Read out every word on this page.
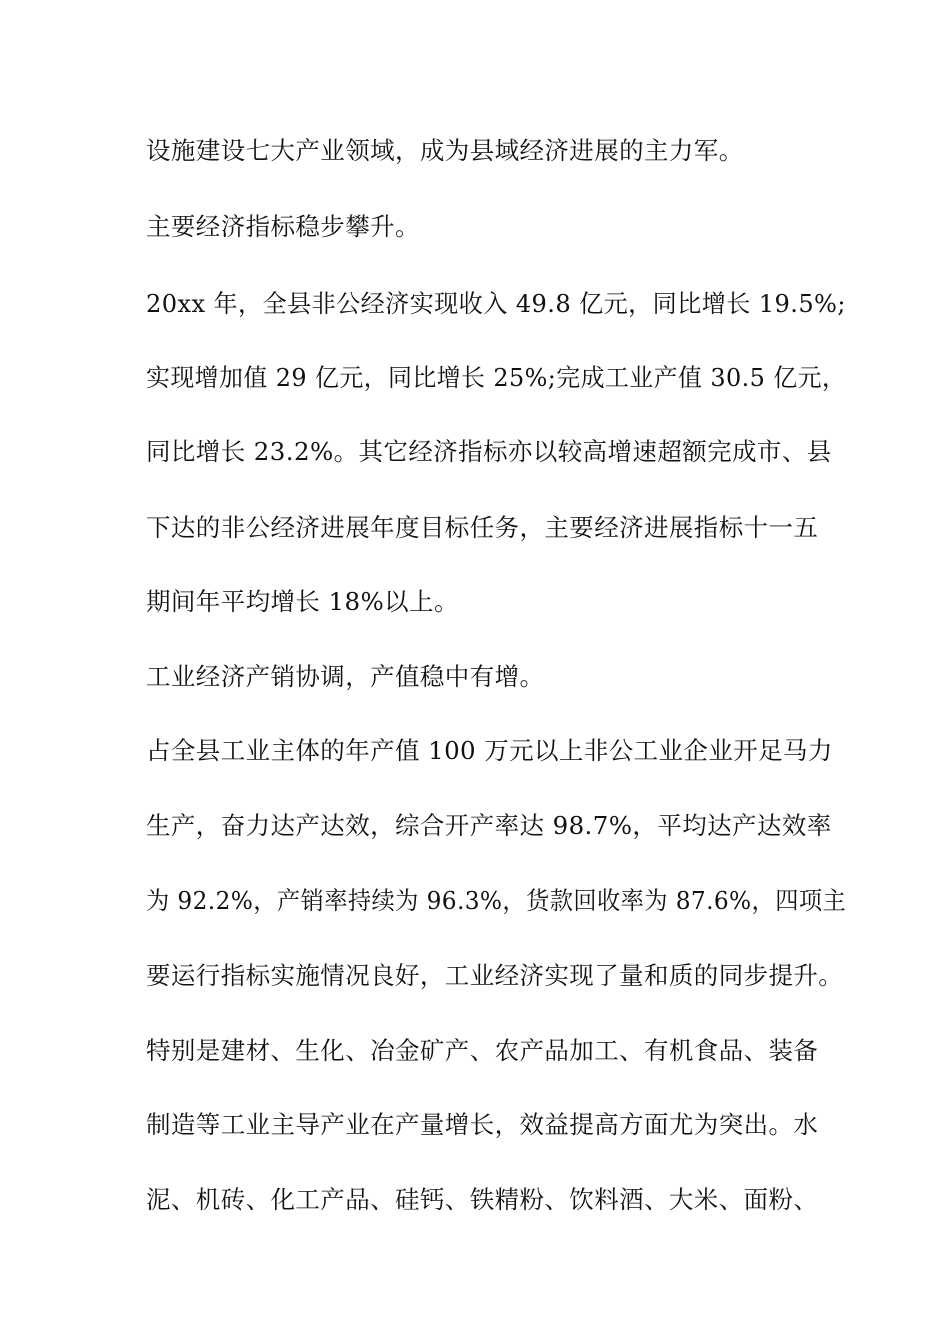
设施建设七大产业领域，成为县域经济进展的主力军。
主要经济指标稳步攀升。
20xx 年，全县非公经济实现收入 49.8 亿元，同比增长 19.5%;
实现增加值 29 亿元，同比增长 25%;完成工业产值 30.5 亿元，
同比增长 23.2%。其它经济指标亦以较高增速超额完成市、县
下达的非公经济进展年度目标任务，主要经济进展指标十一五
期间年平均增长 18%以上。
工业经济产销协调，产值稳中有增。
占全县工业主体的年产值 100 万元以上非公工业企业开足马力
生产，奋力达产达效，综合开产率达 98.7%，平均达产达效率
为 92.2%，产销率持续为 96.3%，货款回收率为 87.6%，四项主
要运行指标实施情况良好，工业经济实现了量和质的同步提升。
特别是建材、生化、冶金矿产、农产品加工、有机食品、装备
制造等工业主导产业在产量增长，效益提高方面尤为突出。水
泥、机砖、化工产品、硅钙、铁精粉、饮料酒、大米、面粉、
